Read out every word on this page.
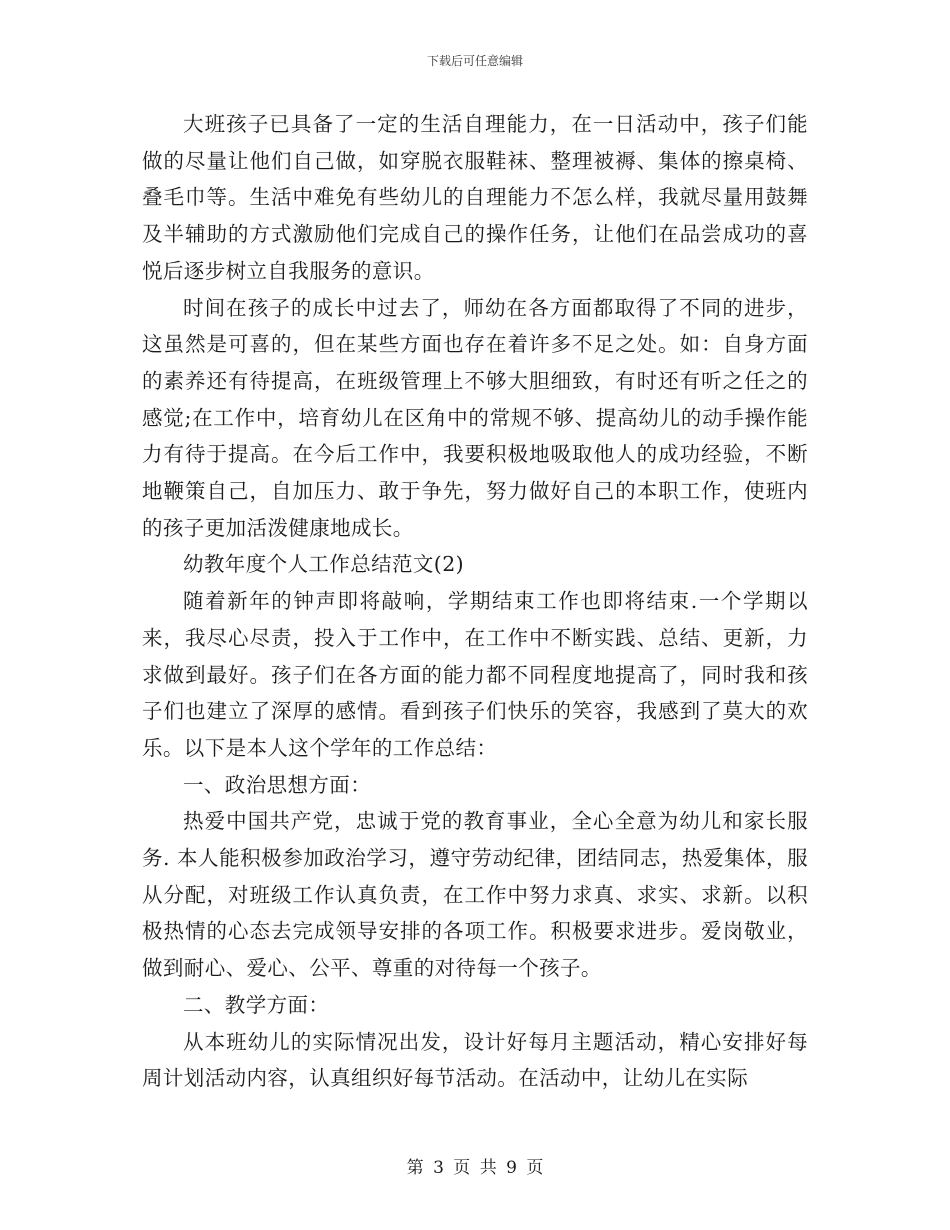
下载后可任意编辑

大班孩子已具备了一定的生活自理能力，在一日活动中，孩子们能做的尽量让他们自己做，如穿脱衣服鞋袜、整理被褥、集体的擦桌椅、叠毛巾等。生活中难免有些幼儿的自理能力不怎么样，我就尽量用鼓舞及半辅助的方式激励他们完成自己的操作任务，让他们在品尝成功的喜悦后逐步树立自我服务的意识。

时间在孩子的成长中过去了，师幼在各方面都取得了不同的进步，这虽然是可喜的，但在某些方面也存在着许多不足之处。如：自身方面的素养还有待提高，在班级管理上不够大胆细致，有时还有听之任之的感觉;在工作中，培育幼儿在区角中的常规不够、提高幼儿的动手操作能力有待于提高。在今后工作中，我要积极地吸取他人的成功经验，不断地鞭策自己，自加压力、敢于争先，努力做好自己的本职工作，使班内的孩子更加活泼健康地成长。

幼教年度个人工作总结范文(2)

随着新年的钟声即将敲响，学期结束工作也即将结束.一个学期以来，我尽心尽责，投入于工作中，在工作中不断实践、总结、更新，力求做到最好。孩子们在各方面的能力都不同程度地提高了，同时我和孩子们也建立了深厚的感情。看到孩子们快乐的笑容，我感到了莫大的欢乐。以下是本人这个学年的工作总结：

一、政治思想方面：

热爱中国共产党，忠诚于党的教育事业，全心全意为幼儿和家长服务. 本人能积极参加政治学习，遵守劳动纪律，团结同志，热爱集体，服从分配，对班级工作认真负责，在工作中努力求真、求实、求新。以积极热情的心态去完成领导安排的各项工作。积极要求进步。爱岗敬业，做到耐心、爱心、公平、尊重的对待每一个孩子。

二、教学方面：

从本班幼儿的实际情况出发，设计好每月主题活动，精心安排好每周计划活动内容，认真组织好每节活动。在活动中，让幼儿在实际

第 3 页 共 9 页
